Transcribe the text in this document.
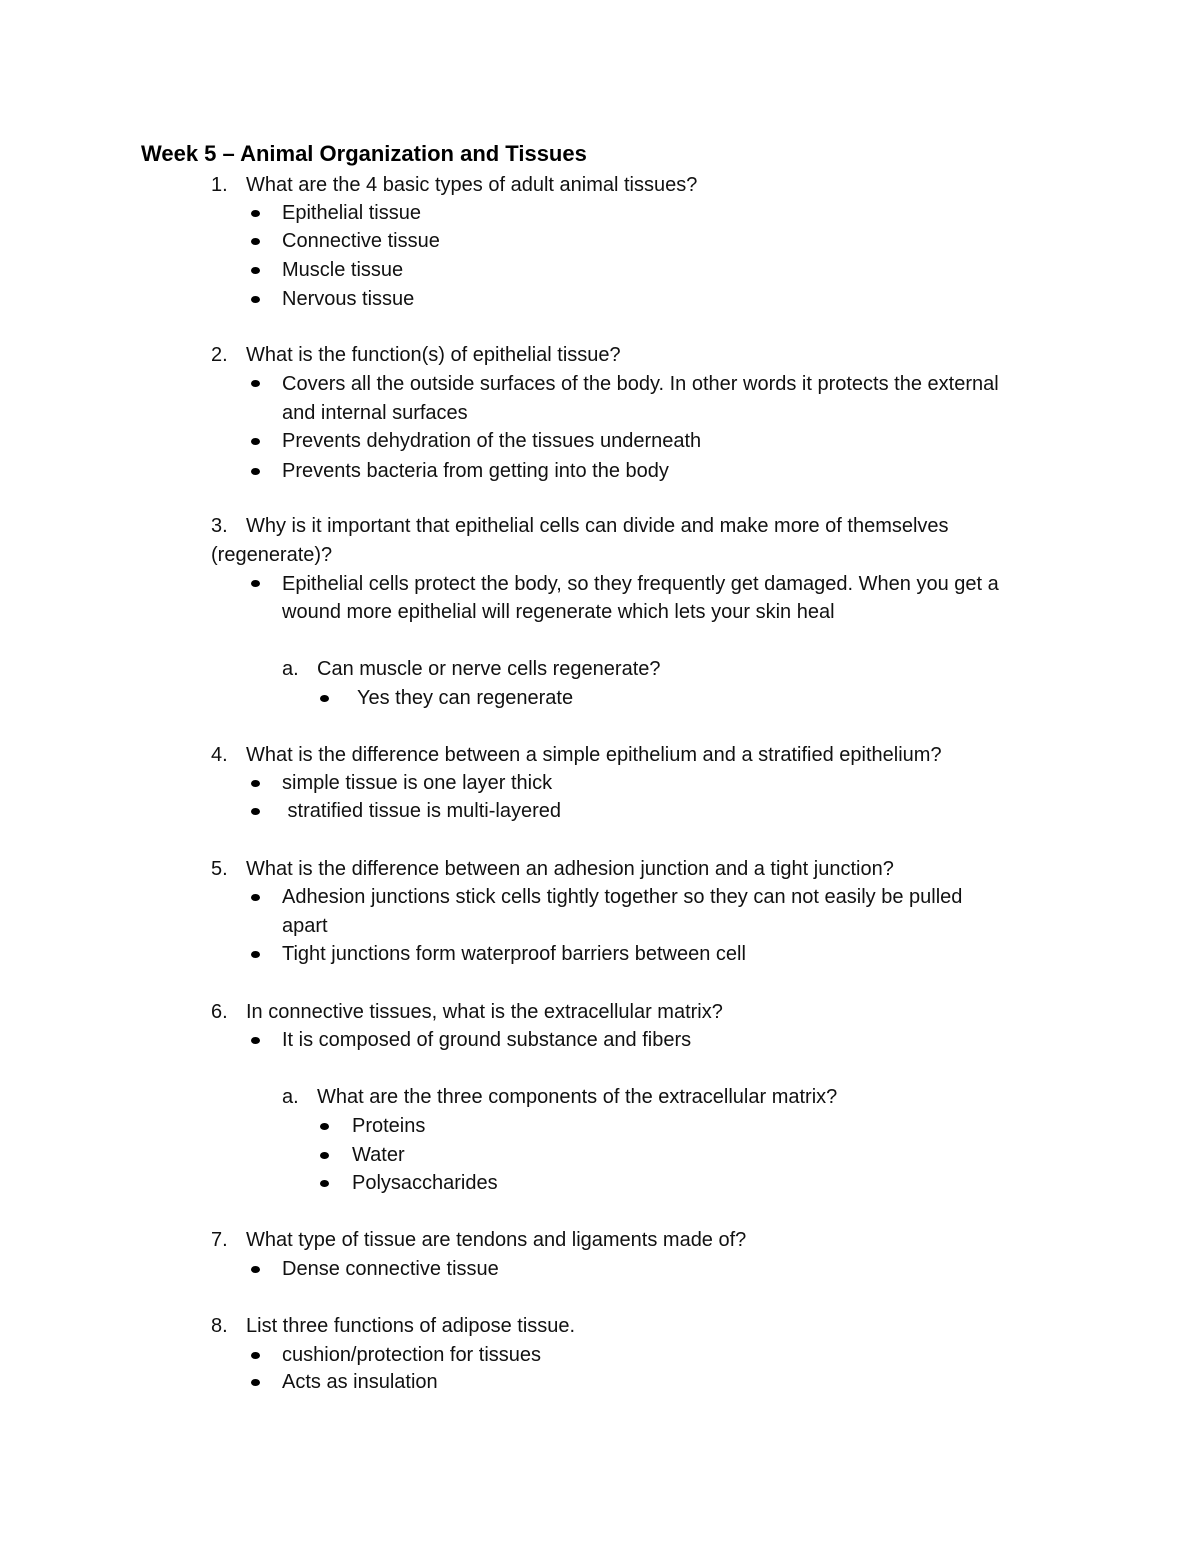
Week 5 – Animal Organization and Tissues
1. What are the 4 basic types of adult animal tissues?
Epithelial tissue
Connective tissue
Muscle tissue
Nervous tissue
2. What is the function(s) of epithelial tissue?
Covers all the outside surfaces of the body. In other words it protects the external
and internal surfaces
Prevents dehydration of the tissues underneath
Prevents bacteria from getting into the body
3. Why is it important that epithelial cells can divide and make more of themselves
(regenerate)?
Epithelial cells protect the body, so they frequently get damaged. When you get a
wound more epithelial will regenerate which lets your skin heal
a. Can muscle or nerve cells regenerate?
Yes they can regenerate
4. What is the difference between a simple epithelium and a stratified epithelium?
simple tissue is one layer thick
stratified tissue is multi-layered
5. What is the difference between an adhesion junction and a tight junction?
Adhesion junctions stick cells tightly together so they can not easily be pulled
apart
Tight junctions form waterproof barriers between cell
6. In connective tissues, what is the extracellular matrix?
It is composed of ground substance and fibers
a. What are the three components of the extracellular matrix?
Proteins
Water
Polysaccharides
7. What type of tissue are tendons and ligaments made of?
Dense connective tissue
8. List three functions of adipose tissue.
cushion/protection for tissues
Acts as insulation
